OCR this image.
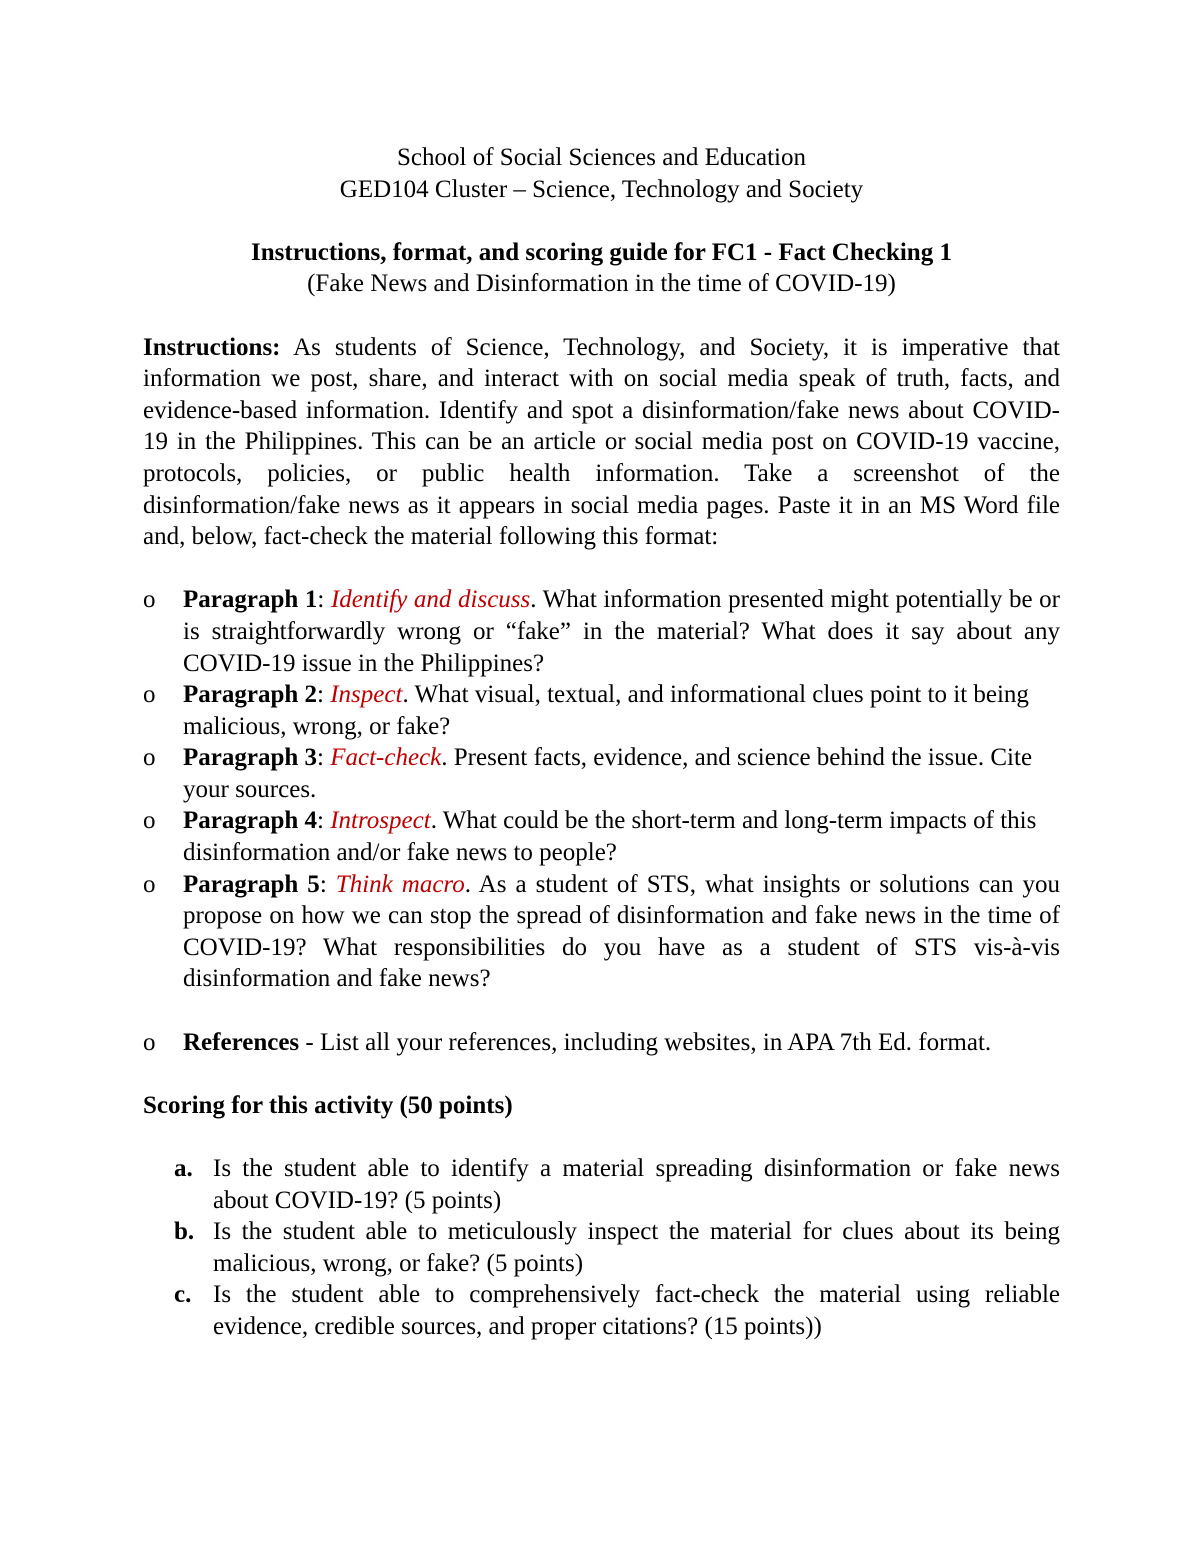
School of Social Sciences and Education

GED104 Cluster – Science, Technology and Society

Instructions, format, and scoring guide for FC1 - Fact Checking 1

(Fake News and Disinformation in the time of COVID-19)

Instructions: As students of Science, Technology, and Society, it is imperative that information we post, share, and interact with on social media speak of truth, facts, and evidence-based information. Identify and spot a disinformation/fake news about COVID-19 in the Philippines. This can be an article or social media post on COVID-19 vaccine, protocols, policies, or public health information. Take a screenshot of the disinformation/fake news as it appears in social media pages. Paste it in an MS Word file and, below, fact-check the material following this format:

o	Paragraph 1: Identify and discuss. What information presented might potentially be or is straightforwardly wrong or “fake” in the material? What does it say about any COVID-19 issue in the Philippines?
o	Paragraph 2: Inspect. What visual, textual, and informational clues point to it being malicious, wrong, or fake?
o	Paragraph 3: Fact-check. Present facts, evidence, and science behind the issue. Cite your sources.
o	Paragraph 4: Introspect. What could be the short-term and long-term impacts of this disinformation and/or fake news to people?
o	Paragraph 5: Think macro. As a student of STS, what insights or solutions can you propose on how we can stop the spread of disinformation and fake news in the time of COVID-19? What responsibilities do you have as a student of STS vis-à-vis disinformation and fake news?
o	References - List all your references, including websites, in APA 7th Ed. format.

Scoring for this activity (50 points)

a. Is the student able to identify a material spreading disinformation or fake news about COVID-19? (5 points)
b. Is the student able to meticulously inspect the material for clues about its being malicious, wrong, or fake? (5 points)
c. Is the student able to comprehensively fact-check the material using reliable evidence, credible sources, and proper citations? (15 points))
